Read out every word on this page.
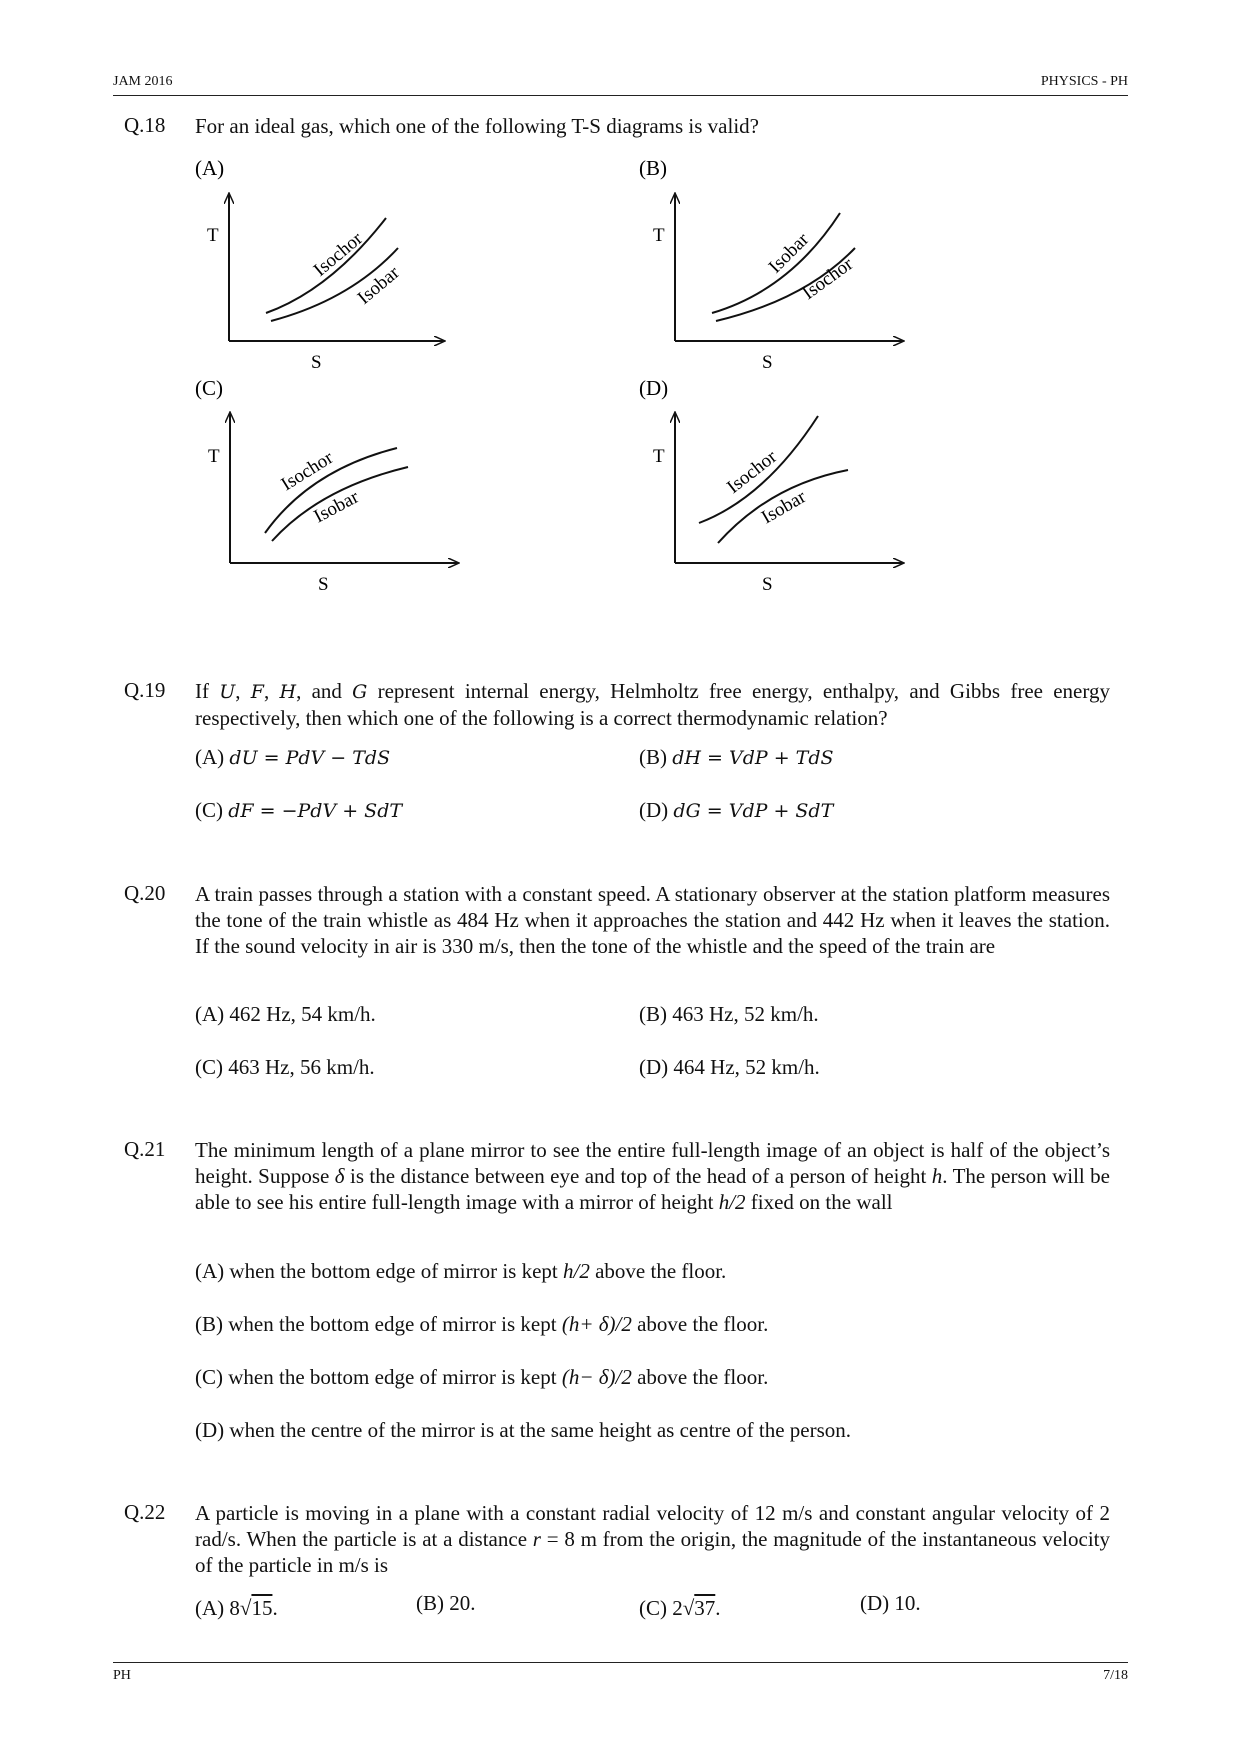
JAM 2016	PHYSICS - PH
Q.18 For an ideal gas, which one of the following T-S diagrams is valid?
(A)
T
S
Isochor
Isobar
(B)
T
S
Isobar
Isochor
(C)
T
S
Isochor
Isobar
(D)
T
S
Isochor
Isobar
Q.19 If U, F, H, and G represent internal energy, Helmholtz free energy, enthalpy, and Gibbs free energy respectively, then which one of the following is a correct thermodynamic relation?
(A) dU = PdV − TdS	(B) dH = VdP + TdS
(C) dF = −PdV + SdT	(D) dG = VdP + SdT
Q.20 A train passes through a station with a constant speed. A stationary observer at the station platform measures the tone of the train whistle as 484 Hz when it approaches the station and 442 Hz when it leaves the station. If the sound velocity in air is 330 m/s, then the tone of the whistle and the speed of the train are
(A) 462 Hz, 54 km/h.	(B) 463 Hz, 52 km/h.
(C) 463 Hz, 56 km/h.	(D) 464 Hz, 52 km/h.
Q.21 The minimum length of a plane mirror to see the entire full-length image of an object is half of the object’s height. Suppose δ is the distance between eye and top of the head of a person of height h. The person will be able to see his entire full-length image with a mirror of height h/2 fixed on the wall
(A) when the bottom edge of mirror is kept h/2 above the floor.
(B) when the bottom edge of mirror is kept (h+ δ)/2 above the floor.
(C) when the bottom edge of mirror is kept (h− δ)/2 above the floor.
(D) when the centre of the mirror is at the same height as centre of the person.
Q.22 A particle is moving in a plane with a constant radial velocity of 12 m/s and constant angular velocity of 2 rad/s. When the particle is at a distance r = 8 m from the origin, the magnitude of the instantaneous velocity of the particle in m/s is
(A) 8√15.	(B) 20.	(C) 2√37.	(D) 10.
PH	7/18
